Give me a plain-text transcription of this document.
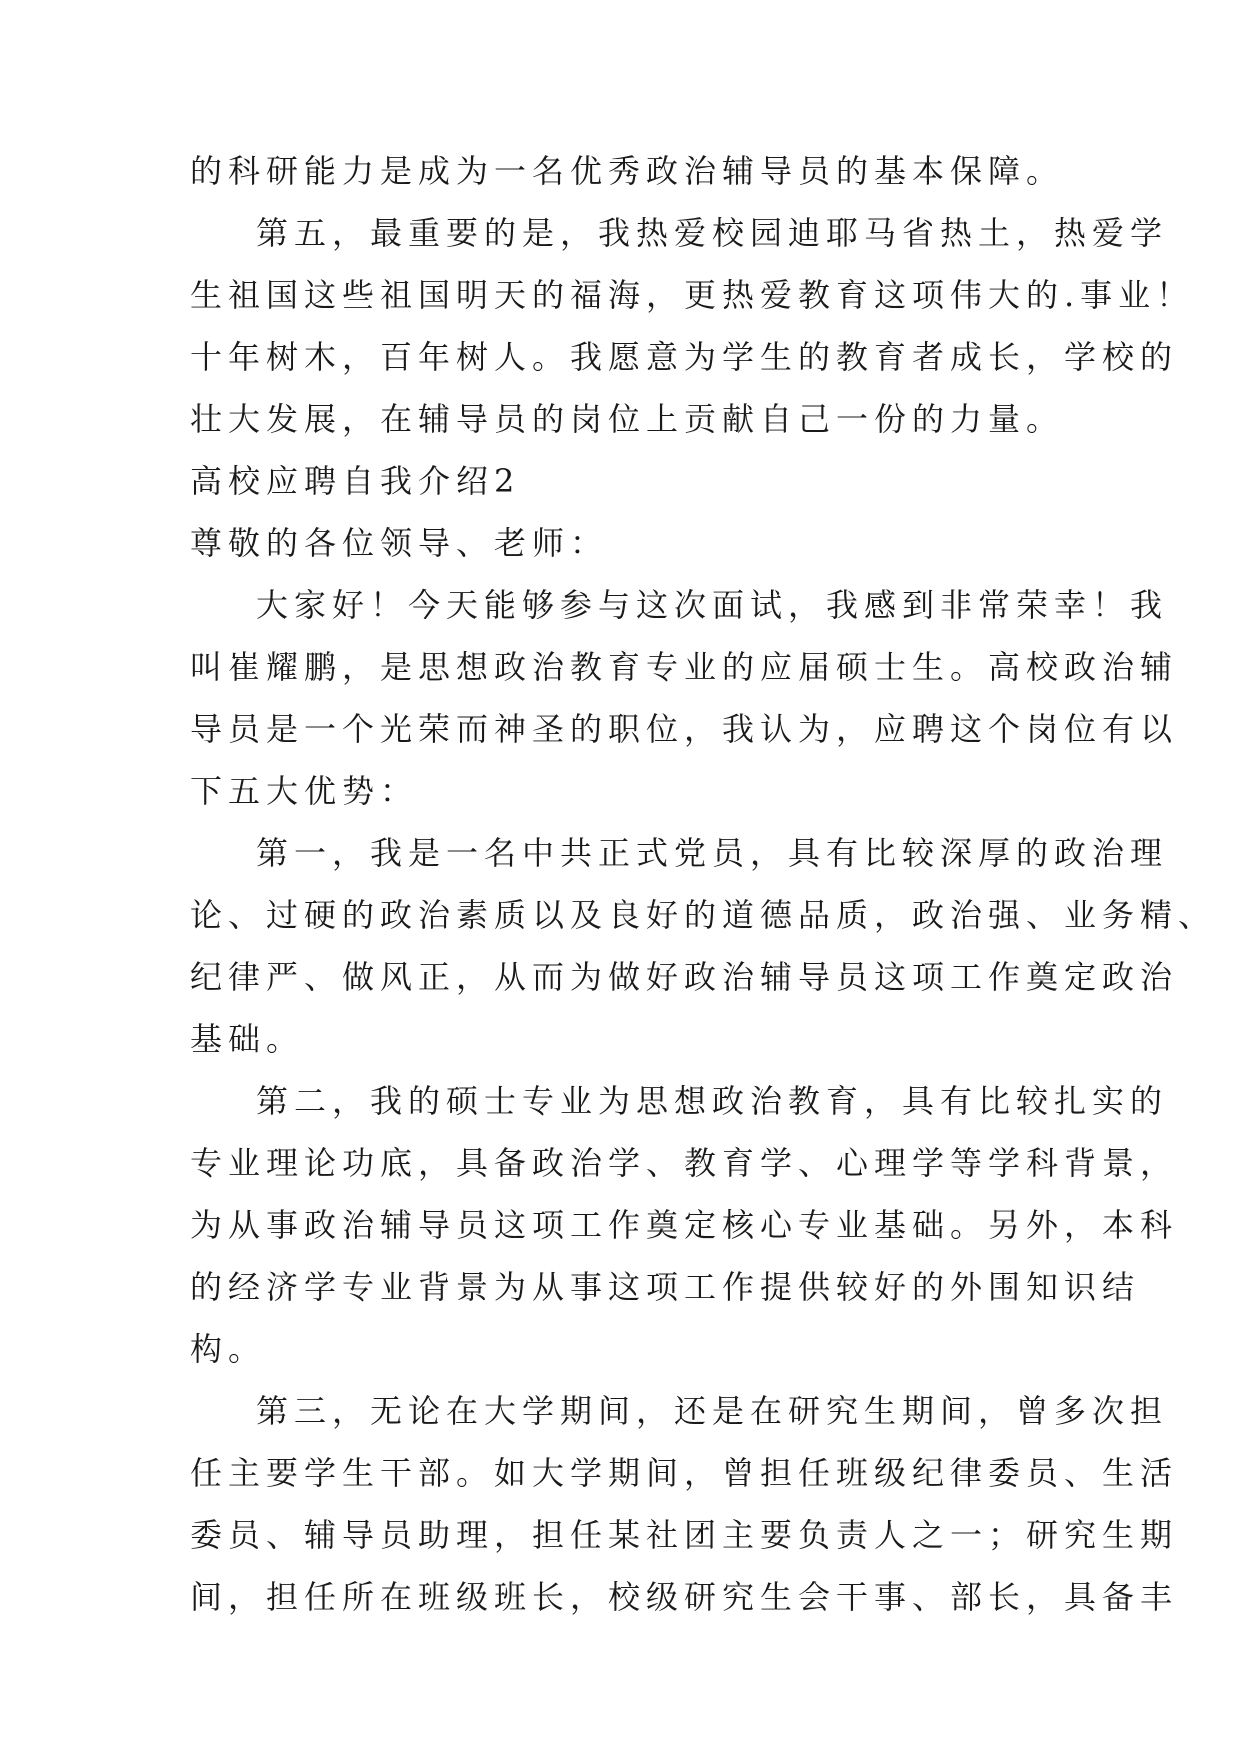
的科研能力是成为一名优秀政治辅导员的基本保障。
第五，最重要的是，我热爱校园迪耶马省热土，热爱学
生祖国这些祖国明天的福海，更热爱教育这项伟大的.事业！
十年树木，百年树人。我愿意为学生的教育者成长，学校的
壮大发展，在辅导员的岗位上贡献自己一份的力量。
高校应聘自我介绍2
尊敬的各位领导、老师：
大家好！今天能够参与这次面试，我感到非常荣幸！我
叫崔耀鹏，是思想政治教育专业的应届硕士生。高校政治辅
导员是一个光荣而神圣的职位，我认为，应聘这个岗位有以
下五大优势：
第一，我是一名中共正式党员，具有比较深厚的政治理
论、过硬的政治素质以及良好的道德品质，政治强、业务精、
纪律严、做风正，从而为做好政治辅导员这项工作奠定政治
基础。
第二，我的硕士专业为思想政治教育，具有比较扎实的
专业理论功底，具备政治学、教育学、心理学等学科背景，
为从事政治辅导员这项工作奠定核心专业基础。另外，本科
的经济学专业背景为从事这项工作提供较好的外围知识结
构。
第三，无论在大学期间，还是在研究生期间，曾多次担
任主要学生干部。如大学期间，曾担任班级纪律委员、生活
委员、辅导员助理，担任某社团主要负责人之一；研究生期
间，担任所在班级班长，校级研究生会干事、部长，具备丰
